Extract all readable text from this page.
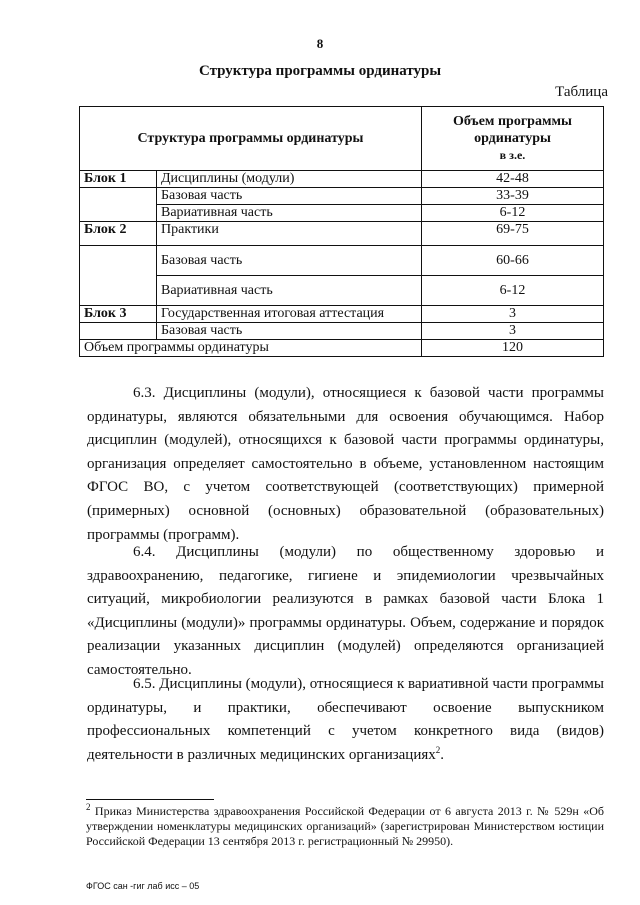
8
Структура программы ординатуры
Таблица
Структура программы ординатуры		Объем программы
ординатуры
в з.е.

Блок 1	Дисциплины (модули)	42-48
	Базовая часть	33-39
	Вариативная часть	6-12
Блок 2	Практики	69-75
	Базовая часть	60-66
	Вариативная часть	6-12
Блок 3	Государственная итоговая аттестация	3
	Базовая часть	3
Объем программы ординатуры		120

6.3. Дисциплины (модули), относящиеся к базовой части программы ординатуры, являются обязательными для освоения обучающимся. Набор дисциплин (модулей), относящихся к базовой части программы ординатуры, организация определяет самостоятельно в объеме, установленном настоящим ФГОС ВО, с учетом соответствующей (соответствующих) примерной (примерных) основной (основных) образовательной (образовательных) программы (программ).

6.4. Дисциплины (модули) по общественному здоровью и здравоохранению, педагогике, гигиене и эпидемиологии чрезвычайных ситуаций, микробиологии реализуются в рамках базовой части Блока 1 «Дисциплины (модули)» программы ординатуры. Объем, содержание и порядок реализации указанных дисциплин (модулей) определяются организацией самостоятельно.

6.5. Дисциплины (модули), относящиеся к вариативной части программы ординатуры, и практики, обеспечивают освоение выпускником профессиональных компетенций с учетом конкретного вида (видов) деятельности в различных медицинских организациях$^2$.

$^2$ Приказ Министерства здравоохранения Российской Федерации от 6 августа 2013 г. № 529н «Об утверждении номенклатуры медицинских организаций» (зарегистрирован Министерством юстиции Российской Федерации 13 сентября 2013 г. регистрационный № 29950).
ФГОС сан -гиг лаб исс – 05
